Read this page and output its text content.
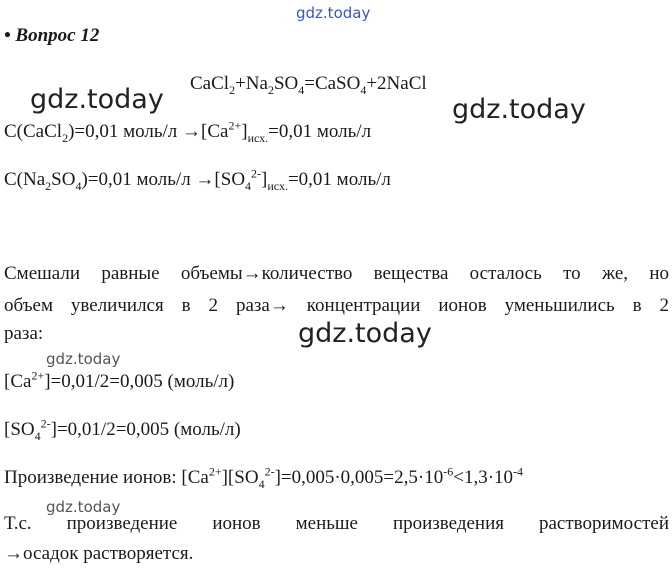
gdz.today
gdz.today	gdz.today
gdz.today
gdz.today
gdz.today
• Вопрос 12
$CaCl_2+Na_2SO_4=CaSO_4+2NaCl$
C(CaCl$_2$)=0,01 моль/л $\to[Ca^{2+}]_{исх.}=0,01$ моль/л
$C(Na_2SO_4)=0,01$ моль/л $\to[SO_4^{2-}]_{исх.}=0,01$ моль/л
Смешали равные объемы→количество вещества осталось то же, но
объем увеличился в 2 раза→ концентрации ионов уменьшились в 2
раза:
$[Ca^{2+}]=0,01/2=0,005$ (моль/л)
$[SO_4^{2-}]=0,01/2=0,005$ (моль/л)
Произведение ионов: $[Ca^{2+}][SO_4^{2-}]=0,005\cdot 0,005=2,5\cdot 10^{-6}<1,3\cdot 10^{-4}$
Т.с. произведение ионов меньше произведения растворимостей
→осадок растворяется.
